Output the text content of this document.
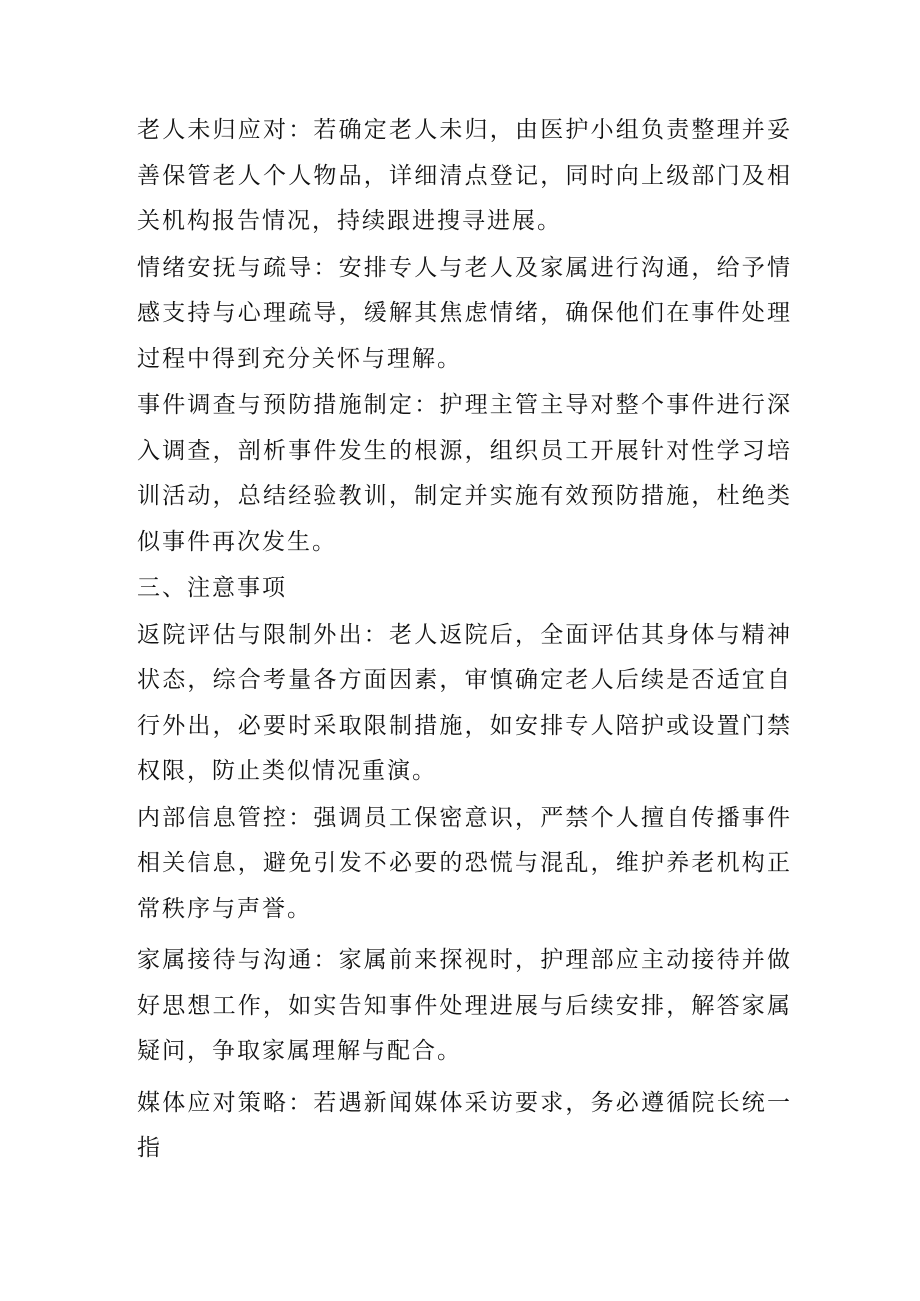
老人未归应对：若确定老人未归，由医护小组负责整理并妥善保管老人个人物品，详细清点登记，同时向上级部门及相关机构报告情况，持续跟进搜寻进展。

情绪安抚与疏导：安排专人与老人及家属进行沟通，给予情感支持与心理疏导，缓解其焦虑情绪，确保他们在事件处理过程中得到充分关怀与理解。

事件调查与预防措施制定：护理主管主导对整个事件进行深入调查，剖析事件发生的根源，组织员工开展针对性学习培训活动，总结经验教训，制定并实施有效预防措施，杜绝类似事件再次发生。

三、注意事项

返院评估与限制外出：老人返院后，全面评估其身体与精神状态，综合考量各方面因素，审慎确定老人后续是否适宜自行外出，必要时采取限制措施，如安排专人陪护或设置门禁权限，防止类似情况重演。

内部信息管控：强调员工保密意识，严禁个人擅自传播事件相关信息，避免引发不必要的恐慌与混乱，维护养老机构正常秩序与声誉。

家属接待与沟通：家属前来探视时，护理部应主动接待并做好思想工作，如实告知事件处理进展与后续安排，解答家属疑问，争取家属理解与配合。

媒体应对策略：若遇新闻媒体采访要求，务必遵循院长统一指
